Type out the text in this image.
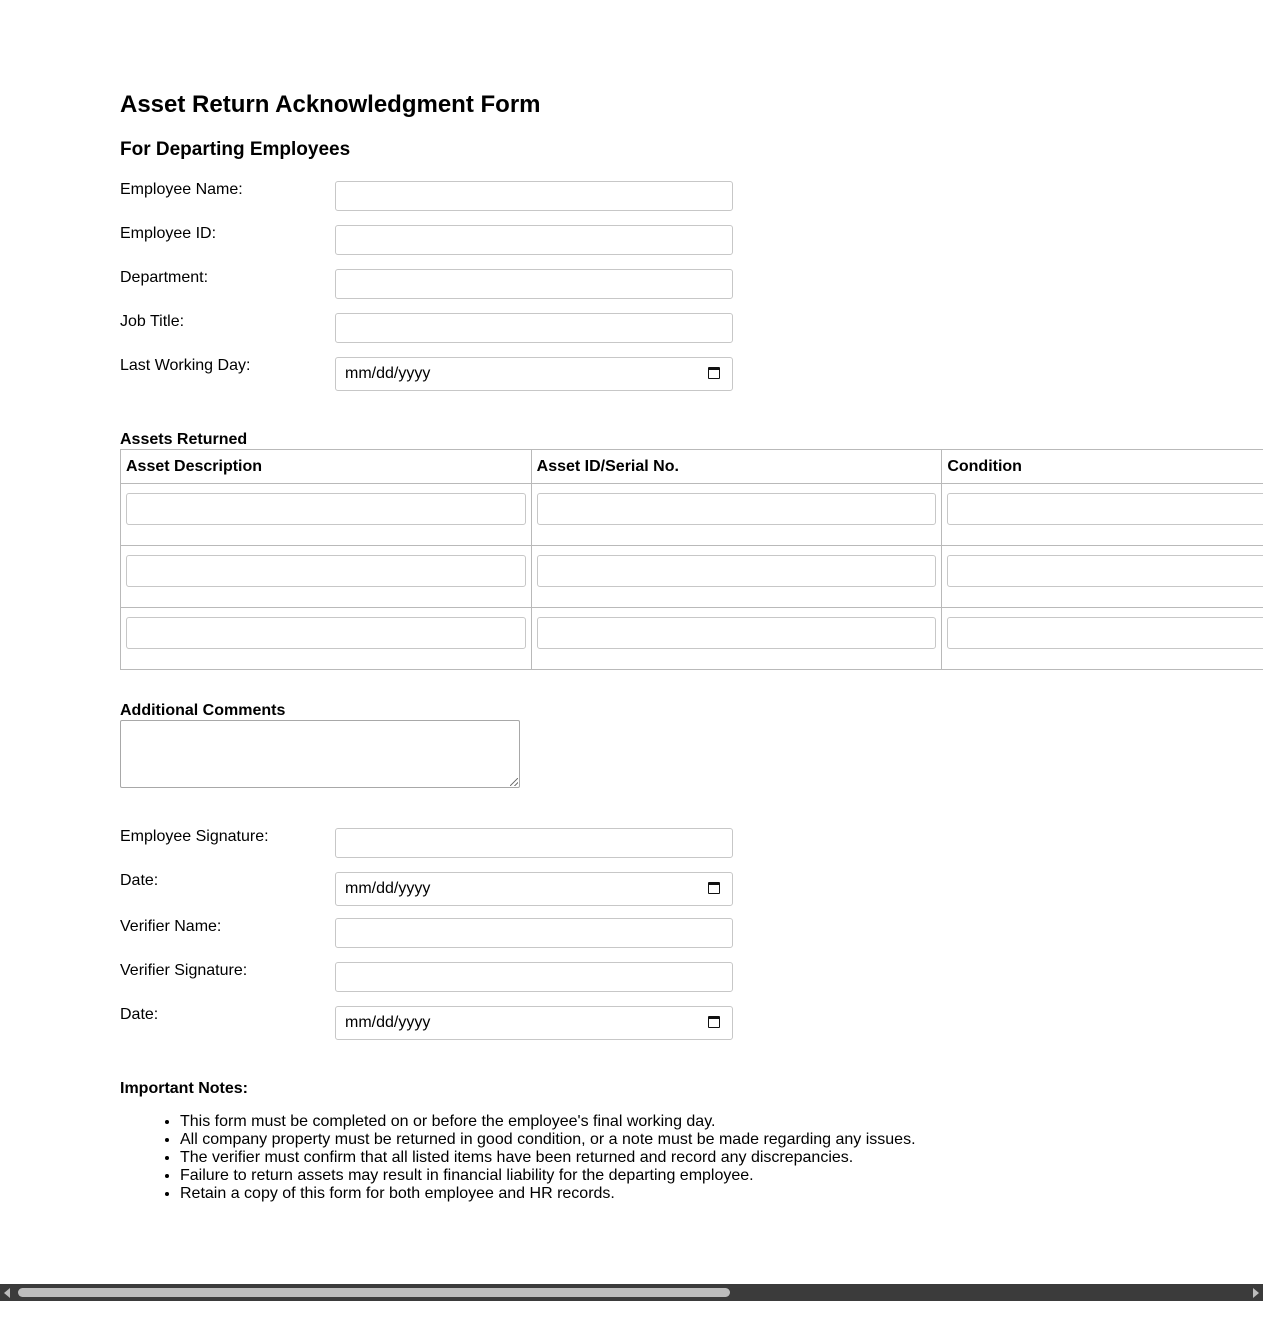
Asset Return Acknowledgment Form
For Departing Employees
Employee Name:
Employee ID:
Department:
Job Title:
Last Working Day:	mm/dd/yyyy
Assets Returned
Asset Description	Asset ID/Serial No.	Condition

Additional Comments
Employee Signature:
Date:	mm/dd/yyyy
Verifier Name:
Verifier Signature:
Date:	mm/dd/yyyy
Important Notes:
• This form must be completed on or before the employee's final working day.
• All company property must be returned in good condition, or a note must be made regarding any issues.
• The verifier must confirm that all listed items have been returned and record any discrepancies.
• Failure to return assets may result in financial liability for the departing employee.
• Retain a copy of this form for both employee and HR records.
